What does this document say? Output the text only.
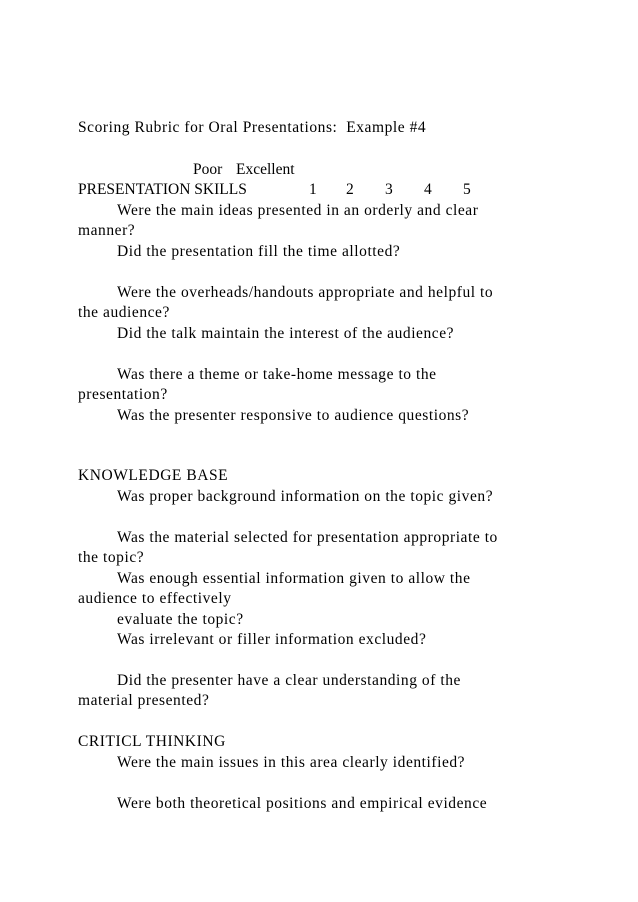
Scoring Rubric for Oral Presentations:  Example #4
Poor Excellent
PRESENTATION SKILLS	1 2 3 4 5
Were the main ideas presented in an orderly and clear
manner?
Did the presentation fill the time allotted?
Were the overheads/handouts appropriate and helpful to
the audience?
Did the talk maintain the interest of the audience?
Was there a theme or take-home message to the
presentation?
Was the presenter responsive to audience questions?
KNOWLEDGE BASE
Was proper background information on the topic given?
Was the material selected for presentation appropriate to
the topic?
Was enough essential information given to allow the
audience to effectively
evaluate the topic?
Was irrelevant or filler information excluded?
Did the presenter have a clear understanding of the
material presented?
CRITICL THINKING
Were the main issues in this area clearly identified?
Were both theoretical positions and empirical evidence
